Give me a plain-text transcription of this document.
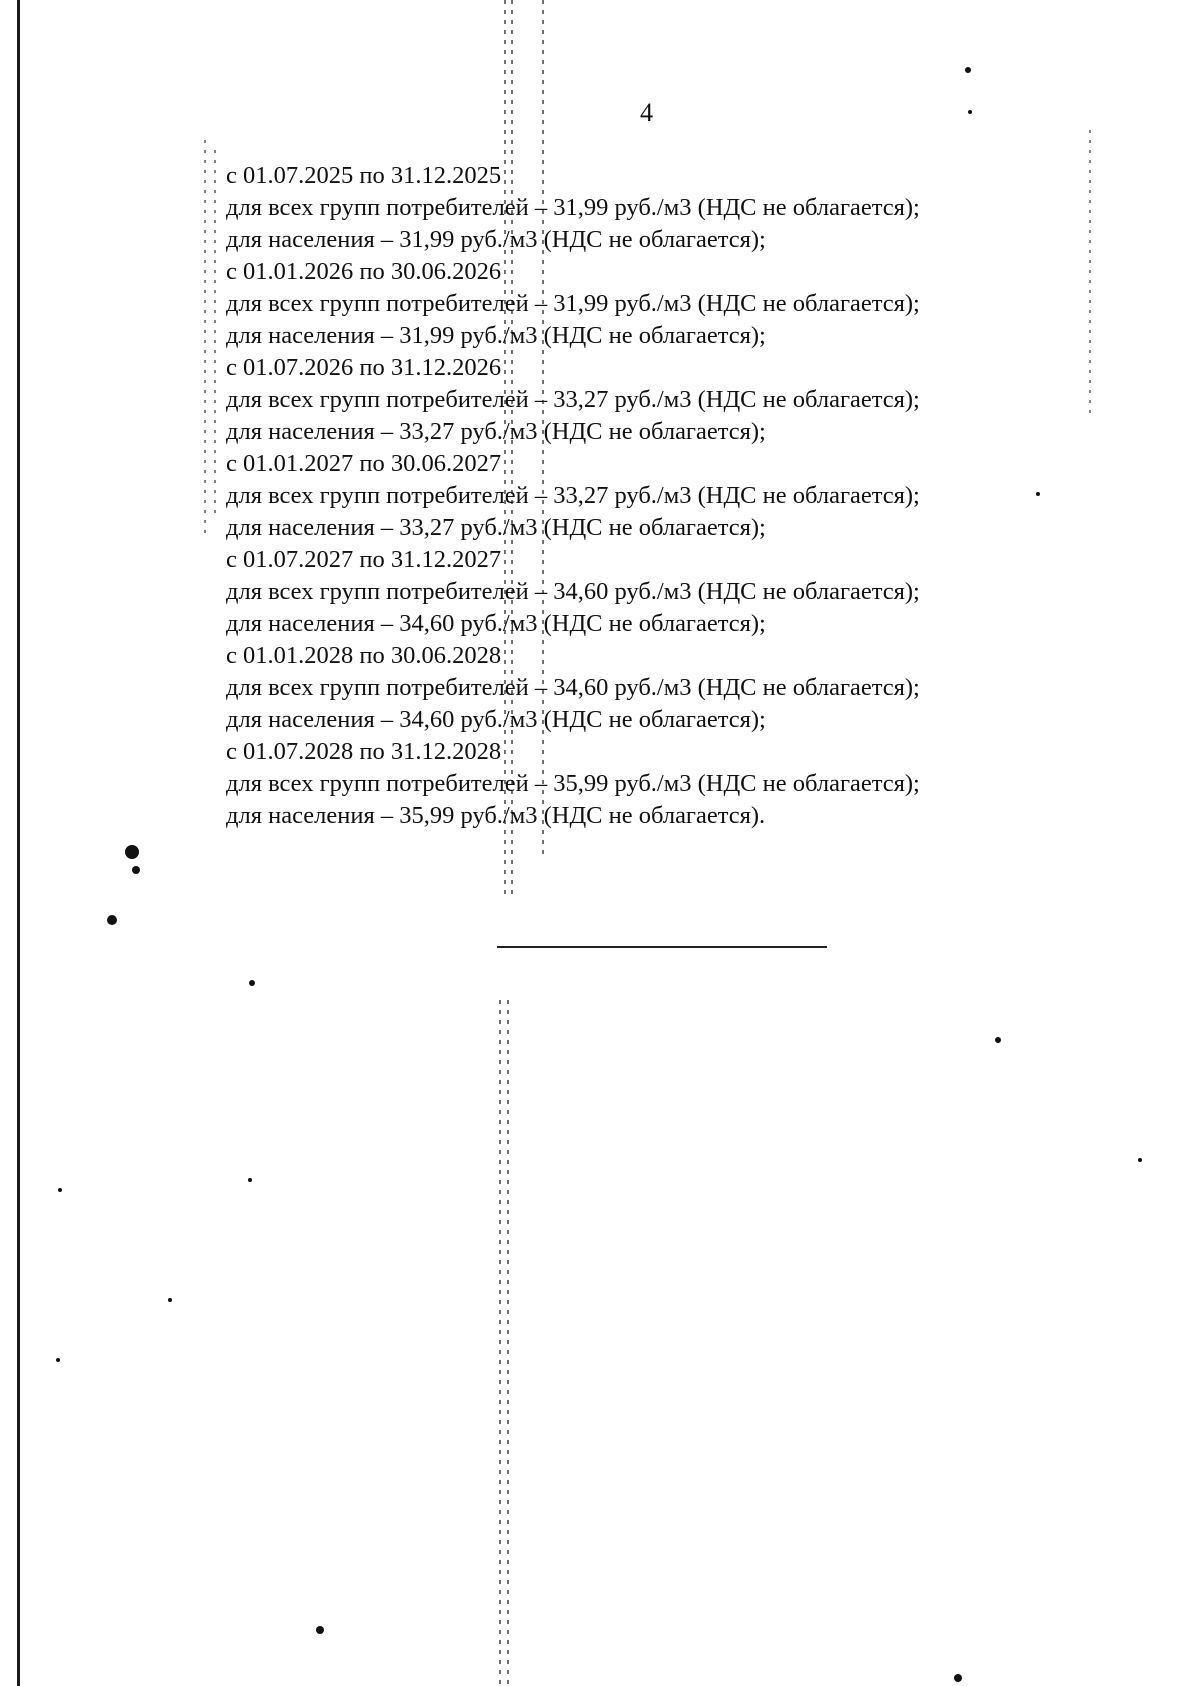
4
с 01.07.2025 по 31.12.2025
для всех групп потребителей – 31,99 руб./м3 (НДС не облагается);
для населения – 31,99 руб./м3 (НДС не облагается);
с 01.01.2026 по 30.06.2026
для всех групп потребителей – 31,99 руб./м3 (НДС не облагается);
для населения – 31,99 руб./м3 (НДС не облагается);
с 01.07.2026 по 31.12.2026
для всех групп потребителей – 33,27 руб./м3 (НДС не облагается);
для населения – 33,27 руб./м3 (НДС не облагается);
с 01.01.2027 по 30.06.2027
для всех групп потребителей – 33,27 руб./м3 (НДС не облагается);
для населения – 33,27 руб./м3 (НДС не облагается);
с 01.07.2027 по 31.12.2027
для всех групп потребителей – 34,60 руб./м3 (НДС не облагается);
для населения – 34,60 руб./м3 (НДС не облагается);
с 01.01.2028 по 30.06.2028
для всех групп потребителей – 34,60 руб./м3 (НДС не облагается);
для населения – 34,60 руб./м3 (НДС не облагается);
с 01.07.2028 по 31.12.2028
для всех групп потребителей – 35,99 руб./м3 (НДС не облагается);
для населения – 35,99 руб./м3 (НДС не облагается).
